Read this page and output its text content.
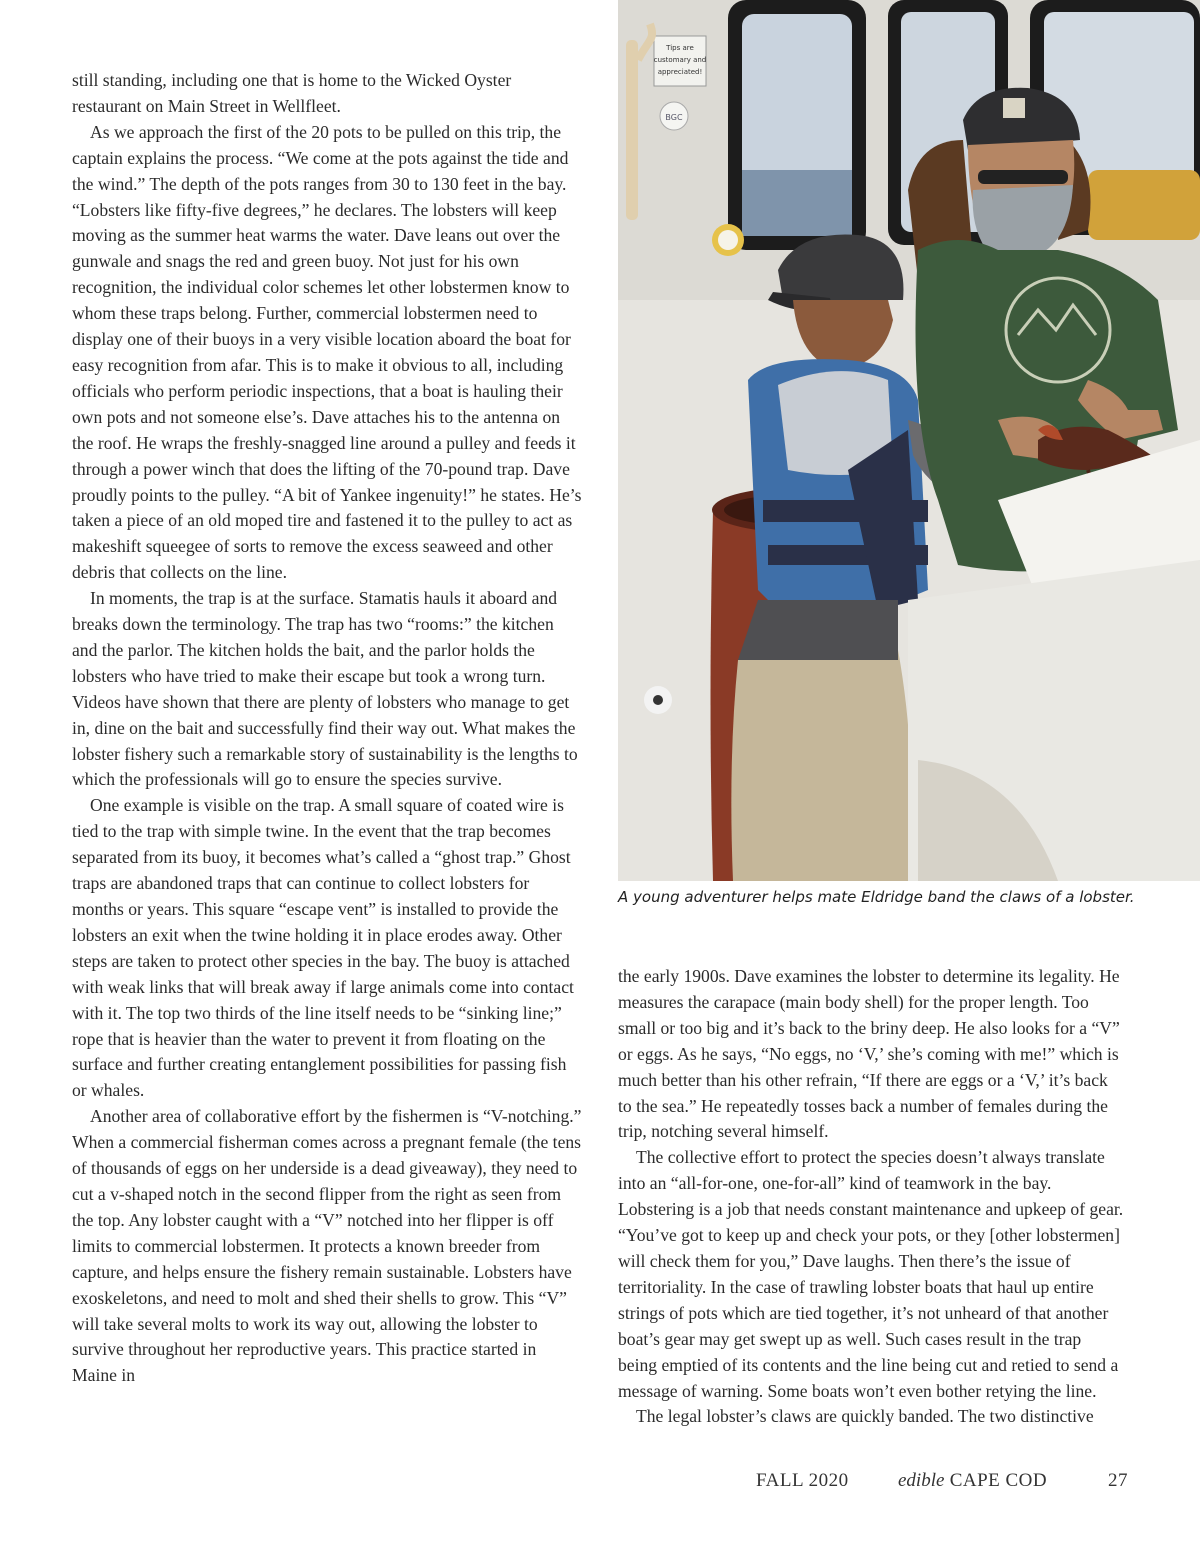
still standing, including one that is home to the Wicked Oyster restaurant on Main Street in Wellfleet.

As we approach the first of the 20 pots to be pulled on this trip, the captain explains the process. “We come at the pots against the tide and the wind.” The depth of the pots ranges from 30 to 130 feet in the bay. “Lobsters like fifty-five degrees,” he declares. The lobsters will keep moving as the summer heat warms the water. Dave leans out over the gunwale and snags the red and green buoy. Not just for his own recognition, the individual color schemes let other lobstermen know to whom these traps belong. Further, commercial lobstermen need to display one of their buoys in a very visible location aboard the boat for easy recognition from afar. This is to make it obvious to all, including officials who perform periodic inspections, that a boat is hauling their own pots and not someone else’s. Dave attaches his to the antenna on the roof. He wraps the freshly-snagged line around a pulley and feeds it through a power winch that does the lifting of the 70-pound trap. Dave proudly points to the pulley. “A bit of Yankee ingenuity!” he states. He’s taken a piece of an old moped tire and fastened it to the pulley to act as makeshift squeegee of sorts to remove the excess seaweed and other debris that collects on the line.

In moments, the trap is at the surface. Stamatis hauls it aboard and breaks down the terminology. The trap has two “rooms:” the kitchen and the parlor. The kitchen holds the bait, and the parlor holds the lobsters who have tried to make their escape but took a wrong turn. Videos have shown that there are plenty of lobsters who manage to get in, dine on the bait and successfully find their way out. What makes the lobster fishery such a remarkable story of sustainability is the lengths to which the professionals will go to ensure the species survive.

One example is visible on the trap. A small square of coated wire is tied to the trap with simple twine. In the event that the trap becomes separated from its buoy, it becomes what’s called a “ghost trap.” Ghost traps are abandoned traps that can continue to collect lobsters for months or years. This square “escape vent” is installed to provide the lobsters an exit when the twine holding it in place erodes away. Other steps are taken to protect other species in the bay. The buoy is attached with weak links that will break away if large animals come into contact with it. The top two thirds of the line itself needs to be “sinking line;” rope that is heavier than the water to prevent it from floating on the surface and further creating entanglement possibilities for passing fish or whales.

Another area of collaborative effort by the fishermen is “V-notching.” When a commercial fisherman comes across a pregnant female (the tens of thousands of eggs on her underside is a dead giveaway), they need to cut a v-shaped notch in the second flipper from the right as seen from the top. Any lobster caught with a “V” notched into her flipper is off limits to commercial lobstermen. It protects a known breeder from capture, and helps ensure the fishery remain sustainable. Lobsters have exoskeletons, and need to molt and shed their shells to grow. This “V” will take several molts to work its way out, allowing the lobster to survive throughout her reproductive years. This practice started in Maine in

Tips are
customary and
appreciated!
BGC
A young adventurer helps mate Eldridge band the claws of a lobster.

the early 1900s. Dave examines the lobster to determine its legality. He measures the carapace (main body shell) for the proper length. Too small or too big and it’s back to the briny deep. He also looks for a “V” or eggs. As he says, “No eggs, no ‘V,’ she’s coming with me!” which is much better than his other refrain, “If there are eggs or a ‘V,’ it’s back to the sea.” He repeatedly tosses back a number of females during the trip, notching several himself.

The collective effort to protect the species doesn’t always translate into an “all-for-one, one-for-all” kind of teamwork in the bay. Lobstering is a job that needs constant maintenance and upkeep of gear. “You’ve got to keep up and check your pots, or they [other lobstermen] will check them for you,” Dave laughs. Then there’s the issue of territoriality. In the case of trawling lobster boats that haul up entire strings of pots which are tied together, it’s not unheard of that another boat’s gear may get swept up as well. Such cases result in the trap being emptied of its contents and the line being cut and retied to send a message of warning. Some boats won’t even bother retying the line.

The legal lobster’s claws are quickly banded. The two distinctive

FALL 2020	edible CAPE COD	27
